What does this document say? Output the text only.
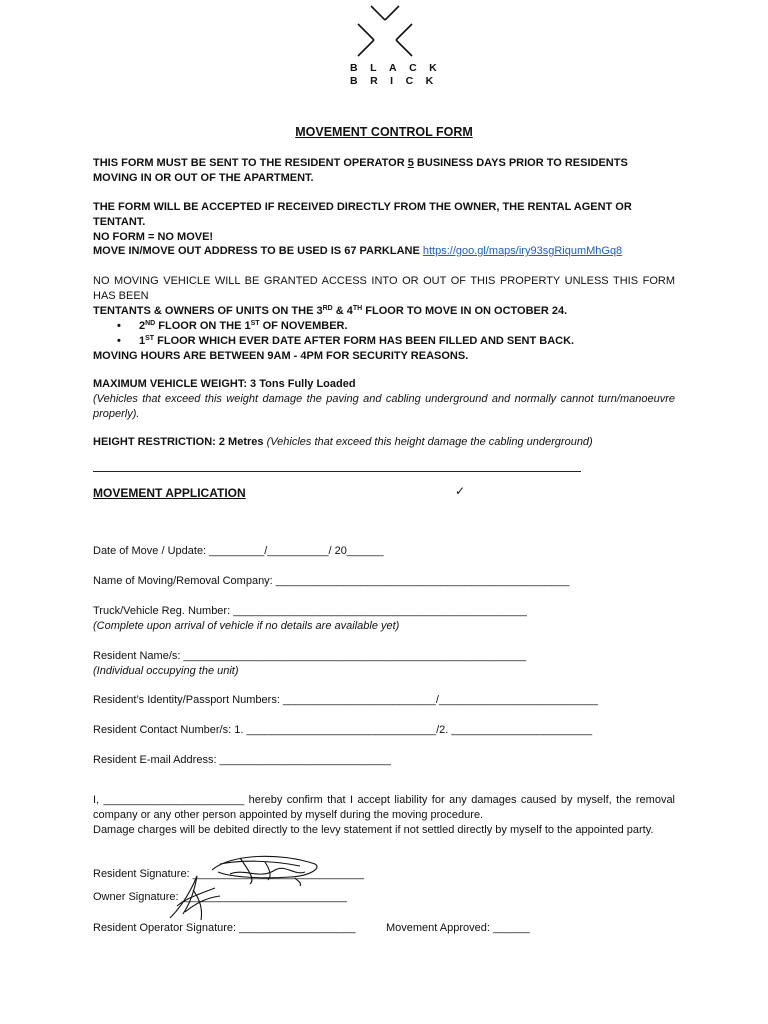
BLACK
BRICK
MOVEMENT CONTROL FORM
THIS FORM MUST BE SENT TO THE RESIDENT OPERATOR 5 BUSINESS DAYS PRIOR TO RESIDENTS
MOVING IN OR OUT OF THE APARTMENT.
THE FORM WILL BE ACCEPTED IF RECEIVED DIRECTLY FROM THE OWNER, THE RENTAL AGENT OR TENTANT.
NO FORM = NO MOVE!
MOVE IN/MOVE OUT ADDRESS TO BE USED IS 67 PARKLANE https://goo.gl/maps/iry93sgRiqumMhGq8
NO MOVING VEHICLE WILL BE GRANTED ACCESS INTO OR OUT OF THIS PROPERTY UNLESS THIS FORM HAS BEEN
TENTANTS & OWNERS OF UNITS ON THE 3RD & 4TH FLOOR TO MOVE IN ON OCTOBER 24.
• 2ND FLOOR ON THE 1ST OF NOVEMBER.
• 1ST FLOOR WHICH EVER DATE AFTER FORM HAS BEEN FILLED AND SENT BACK.
MOVING HOURS ARE BETWEEN 9AM - 4PM FOR SECURITY REASONS.
MAXIMUM VEHICLE WEIGHT: 3 Tons Fully Loaded
(Vehicles that exceed this weight damage the paving and cabling underground and normally cannot turn/manoeuvre properly).
HEIGHT RESTRICTION: 2 Metres (Vehicles that exceed this height damage the cabling underground)
MOVEMENT APPLICATION	✓
Date of Move / Update: _________/__________/ 20______
Name of Moving/Removal Company: ________________________________________________
Truck/Vehicle Reg. Number: ________________________________________________
(Complete upon arrival of vehicle if no details are available yet)
Resident Name/s: ________________________________________________________
(Individual occupying the unit)
Resident’s Identity/Passport Numbers: _________________________/__________________________
Resident Contact Number/s: 1. _______________________________/2. _______________________
Resident E-mail Address: ____________________________
I, _______________________ hereby confirm that I accept liability for any damages caused by myself, the removal company or any other person appointed by myself during the moving procedure.
Damage charges will be debited directly to the levy statement if not settled directly by myself to the appointed party.
Resident Signature: ____________________________
Owner Signature: ___________________________
Resident Operator Signature: ___________________	Movement Approved: ______
